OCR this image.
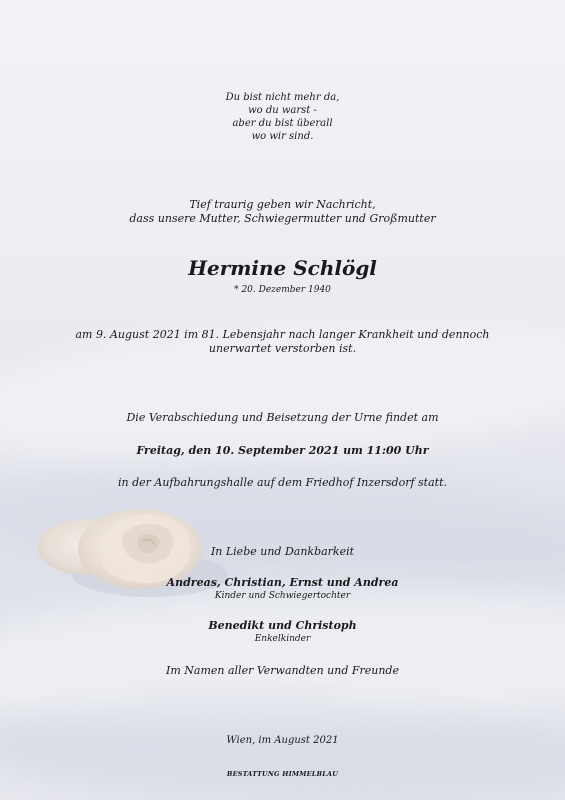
Du bist nicht mehr da,
wo du warst -
aber du bist überall
wo wir sind.
Tief traurig geben wir Nachricht,
dass unsere Mutter, Schwiegermutter und Großmutter
Hermine Schlögl
* 20. Dezember 1940
am 9. August 2021 im 81. Lebensjahr nach langer Krankheit und dennoch
unerwartet verstorben ist.
Die Verabschiedung und Beisetzung der Urne findet am
Freitag, den 10. September 2021 um 11:00 Uhr
in der Aufbahrungshalle auf dem Friedhof Inzersdorf statt.
In Liebe und Dankbarkeit
Andreas, Christian, Ernst und Andrea
Kinder und Schwiegertochter
Benedikt und Christoph
Enkelkinder
Im Namen aller Verwandten und Freunde
Wien, im August 2021
BESTATTUNG HIMMELBLAU
